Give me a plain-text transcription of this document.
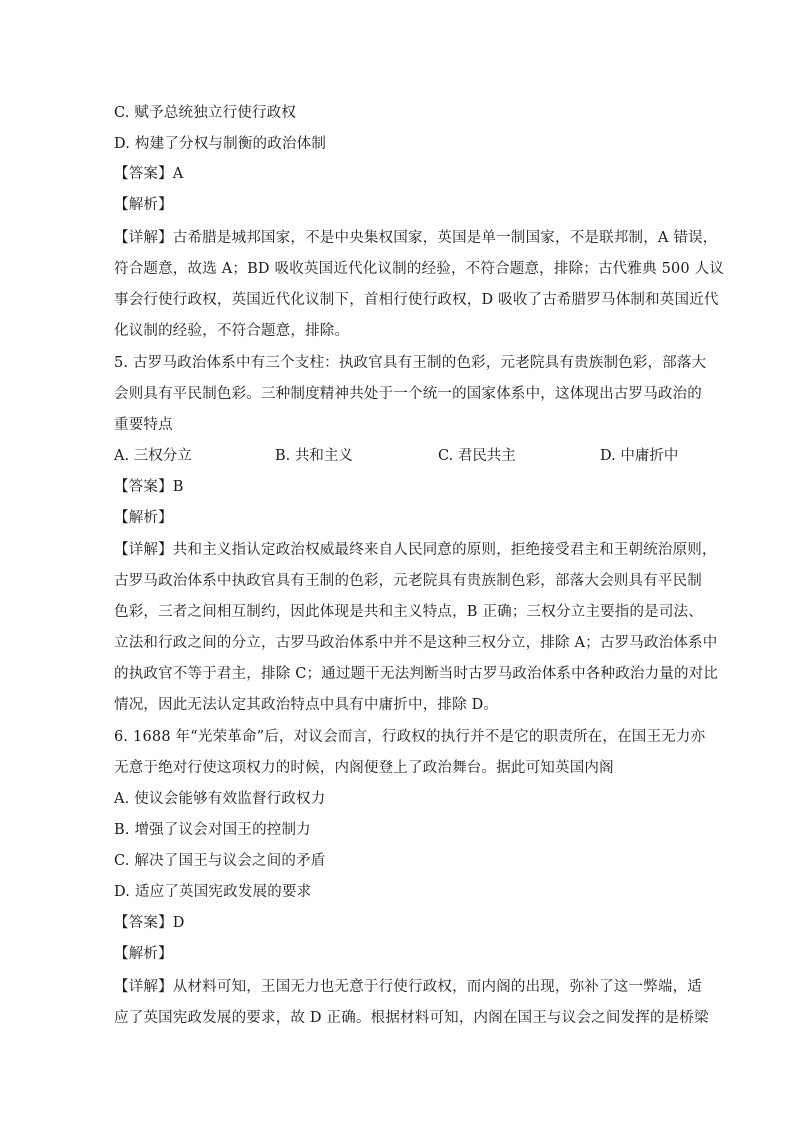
C. 赋予总统独立行使行政权
D. 构建了分权与制衡的政治体制
【答案】A
【解析】
【详解】古希腊是城邦国家，不是中央集权国家，英国是单一制国家，不是联邦制，A 错误，
符合题意，故选 A；BD 吸收英国近代化议制的经验，不符合题意，排除；古代雅典 500 人议
事会行使行政权，英国近代化议制下，首相行使行政权，D 吸收了古希腊罗马体制和英国近代
化议制的经验，不符合题意，排除。
5. 古罗马政治体系中有三个支柱：执政官具有王制的色彩，元老院具有贵族制色彩，部落大
会则具有平民制色彩。三种制度精神共处于一个统一的国家体系中，这体现出古罗马政治的
重要特点
A. 三权分立	B. 共和主义	C. 君民共主	D. 中庸折中
【答案】B
【解析】
【详解】共和主义指认定政治权威最终来自人民同意的原则，拒绝接受君主和王朝统治原则，
古罗马政治体系中执政官具有王制的色彩，元老院具有贵族制色彩，部落大会则具有平民制
色彩，三者之间相互制约，因此体现是共和主义特点，B 正确；三权分立主要指的是司法、
立法和行政之间的分立，古罗马政治体系中并不是这种三权分立，排除 A；古罗马政治体系中
的执政官不等于君主，排除 C；通过题干无法判断当时古罗马政治体系中各种政治力量的对比
情况，因此无法认定其政治特点中具有中庸折中，排除 D。
6. 1688 年“光荣革命”后，对议会而言，行政权的执行并不是它的职责所在，在国王无力亦
无意于绝对行使这项权力的时候，内阁便登上了政治舞台。据此可知英国内阁
A. 使议会能够有效监督行政权力
B. 增强了议会对国王的控制力
C. 解决了国王与议会之间的矛盾
D. 适应了英国宪政发展的要求
【答案】D
【解析】
【详解】从材料可知，王国无力也无意于行使行政权，而内阁的出现，弥补了这一弊端，适
应了英国宪政发展的要求，故 D 正确。根据材料可知，内阁在国王与议会之间发挥的是桥梁
